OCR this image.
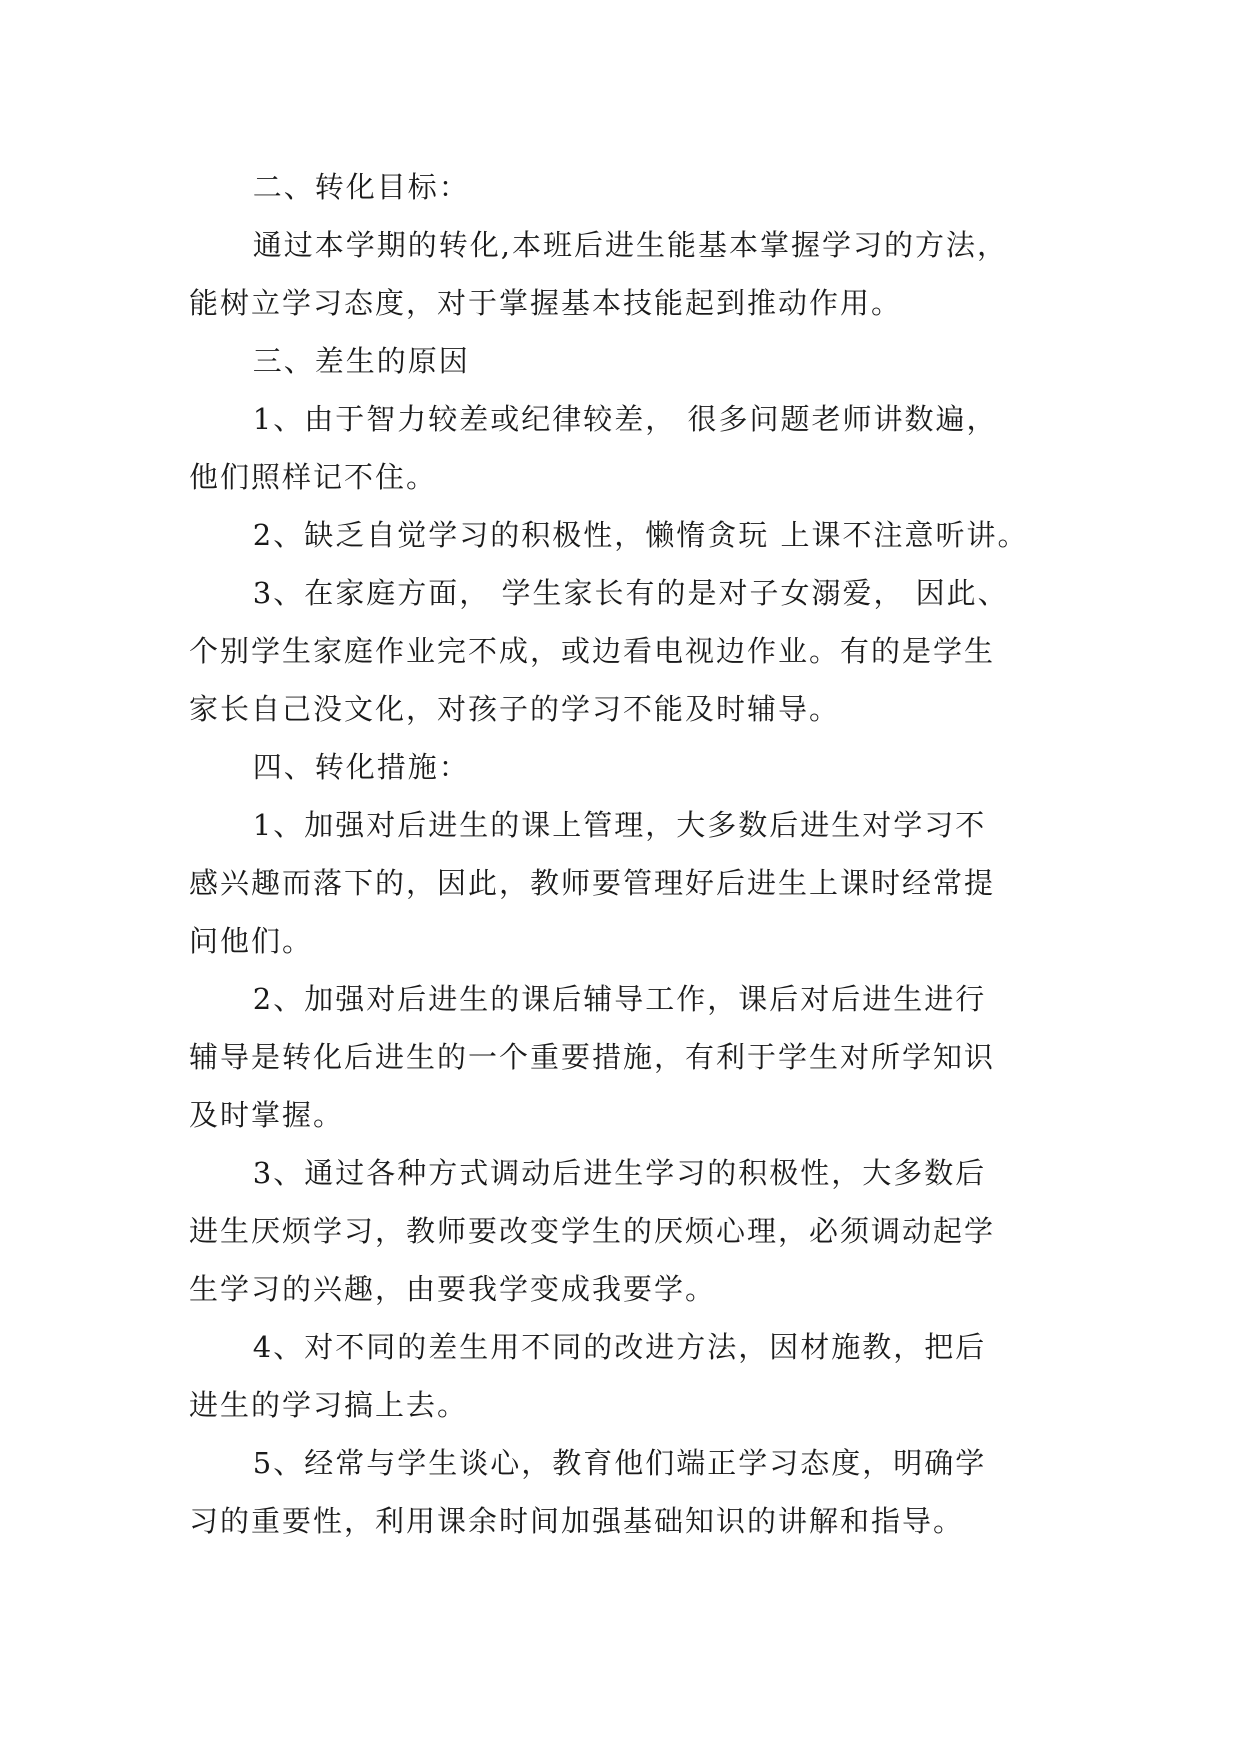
二、转化目标：
通过本学期的转化,本班后进生能基本掌握学习的方法，
能树立学习态度，对于掌握基本技能起到推动作用。
三、差生的原因
1、由于智力较差或纪律较差， 很多问题老师讲数遍，
他们照样记不住。
2、缺乏自觉学习的积极性，懒惰贪玩 上课不注意听讲。
3、在家庭方面， 学生家长有的是对子女溺爱， 因此、
个别学生家庭作业完不成，或边看电视边作业。有的是学生
家长自己没文化，对孩子的学习不能及时辅导。
四、转化措施：
1、加强对后进生的课上管理，大多数后进生对学习不
感兴趣而落下的，因此，教师要管理好后进生上课时经常提
问他们。
2、加强对后进生的课后辅导工作，课后对后进生进行
辅导是转化后进生的一个重要措施，有利于学生对所学知识
及时掌握。
3、通过各种方式调动后进生学习的积极性，大多数后
进生厌烦学习，教师要改变学生的厌烦心理，必须调动起学
生学习的兴趣，由要我学变成我要学。
4、对不同的差生用不同的改进方法，因材施教，把后
进生的学习搞上去。
5、经常与学生谈心，教育他们端正学习态度，明确学
习的重要性，利用课余时间加强基础知识的讲解和指导。
